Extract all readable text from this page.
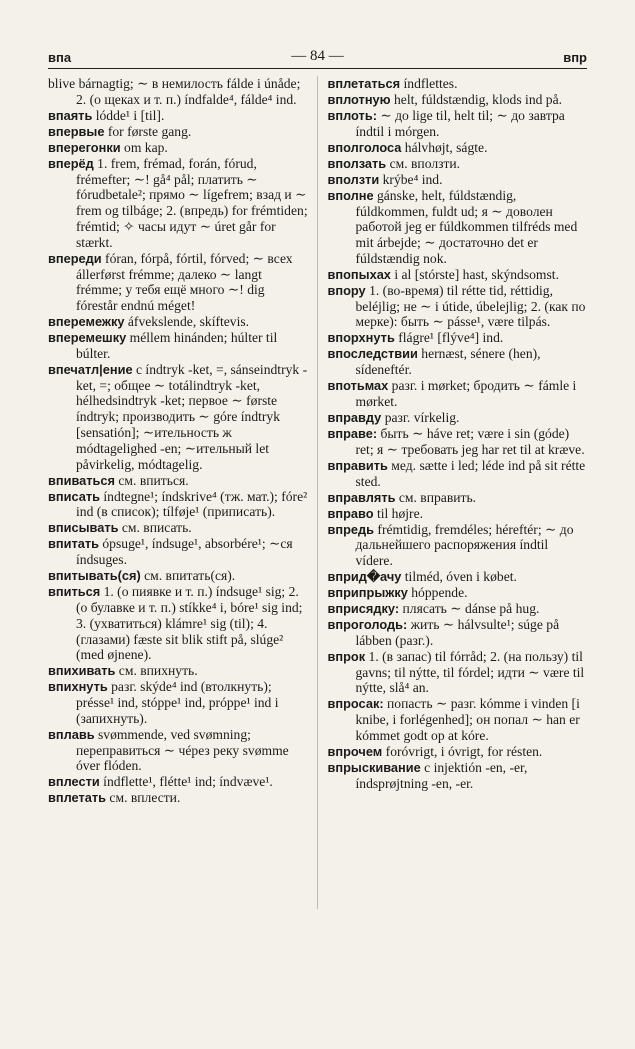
впа	— 84 —	впр

blive bárnagtig; ∼ в немилость fálde i únåde; 2. (о щеках и т. п.) índfalde⁴, fálde⁴ ind.

впаять lódde¹ i [til].

впервые for første gang.

вперегонки om kap.

вперёд 1. frem, frémad, forán, fórud, frémefter; ∼! gå⁴ pål; платить ∼ fórudbetale²; прямо ∼ lígefrem; взад и ∼ frem og tilbáge; 2. (впредь) for frémtiden; frémtid; ✧ часы идут ∼ úret går for stærkt.

впереди fóran, fórpå, fórtil, fórved; ∼ всех állerførst frémme; далеко ∼ langt frémme; у тебя ещё много ∼! dig fórestår endnú méget!

вперемежку áfvekslende, skíftevis.

вперемешку méllem hinánden; húlter til búlter.

впечатл|ение c índtryk -ket, =, sánseindtryk -ket, =; общее ∼ totálindtryk -ket, hélhedsindtryk -ket; первое ∼ første índtryk; производить ∼ góre índtryk [sensatión]; ∼ительность ж módtagelighed -en; ∼ительный let påvirkelig, módtagelig.

впиваться см. впиться.

вписать índtegne¹; índskrive⁴ (тж. мат.); fóre² ind (в список); tílføje¹ (приписать).

вписывать см. вписать.

впитать ópsuge¹, índsuge¹, absorbére¹; ∼ся índsuges.

впитывать(ся) см. впитать(ся).

впиться 1. (о пиявке и т. п.) índsuge¹ sig; 2. (о булавке и т. п.) stíkke⁴ i, bóre¹ sig ind; 3. (ухватиться) klámre¹ sig (til); 4. (глазами) fæste sit blik stift på, slúge² (med øjnene).

впихивать см. впихнуть.

впихнуть разг. skýde⁴ ind (втолкнуть); présse¹ ind, stóppe¹ ind, próppe¹ ind i (запихнуть).

вплавь svømmende, ved svømning; переправиться ∼ чéрез реку svømme óver flóden.

вплести índflette¹, flétte¹ ind; índvæve¹.

вплетать см. вплести.

вплетаться índflettes.

вплотную helt, fúldstændig, klods ind på.

вплоть: ∼ до lige til, helt til; ∼ до завтра índtil i mórgen.

вполголоса hálvhøjt, ságte.

вползать см. вползти.

вползти krýbe⁴ ind.

вполне gánske, helt, fúldstændig, fúldkommen, fuldt ud; я ∼ доволен работой jeg er fúldkommen tilfréds med mit árbejde; ∼ достаточно det er fúldstændig nok.

впопыхах i al [stórste] hast, skýndsomst.

впору 1. (во-время) til rétte tid, réttidig, beléjlig; не ∼ i útide, úbelejlig; 2. (как по мерке): быть ∼ pásse¹, være tilpás.

впорхнуть flágre¹ [flýve⁴] ind.

впоследствии hernæst, sénere (hen), sídeneftér.

впотьмах разг. i mørket; бродить ∼ fámle i mørket.

вправду разг. vírkelig.

вправе: быть ∼ háve ret; være i sin (góde) ret; я ∼ требовать jeg har ret til at kræve.

вправить мед. sætte i led; léde ind på sit rétte sted.

вправлять см. вправить.

вправо til højre.

впредь frémtidig, fremdéles; héreftér; ∼ до дальнейшего распоряжения índtil vídere.

вприд�ачу tilméd, óven i købet.

вприпрыжку hóppende.

вприсядку: плясать ∼ dánse på hug.

впроголодь: жить ∼ hálvsulte¹; súge på lábben (разг.).

впрок 1. (в запас) til fórråd; 2. (на пользу) til gavns; til nýtte, til fórdel; идти ∼ være til nýtte, slå⁴ an.

впросак: попасть ∼ разг. kómme i vinden [i knibe, i forlégenhed]; он попал ∼ han er kómmet godt op at kóre.

впрочем foróvrigt, i óvrigt, for résten.

впрыскивание c injektión -en, -er, índsprøjtning -en, -er.
